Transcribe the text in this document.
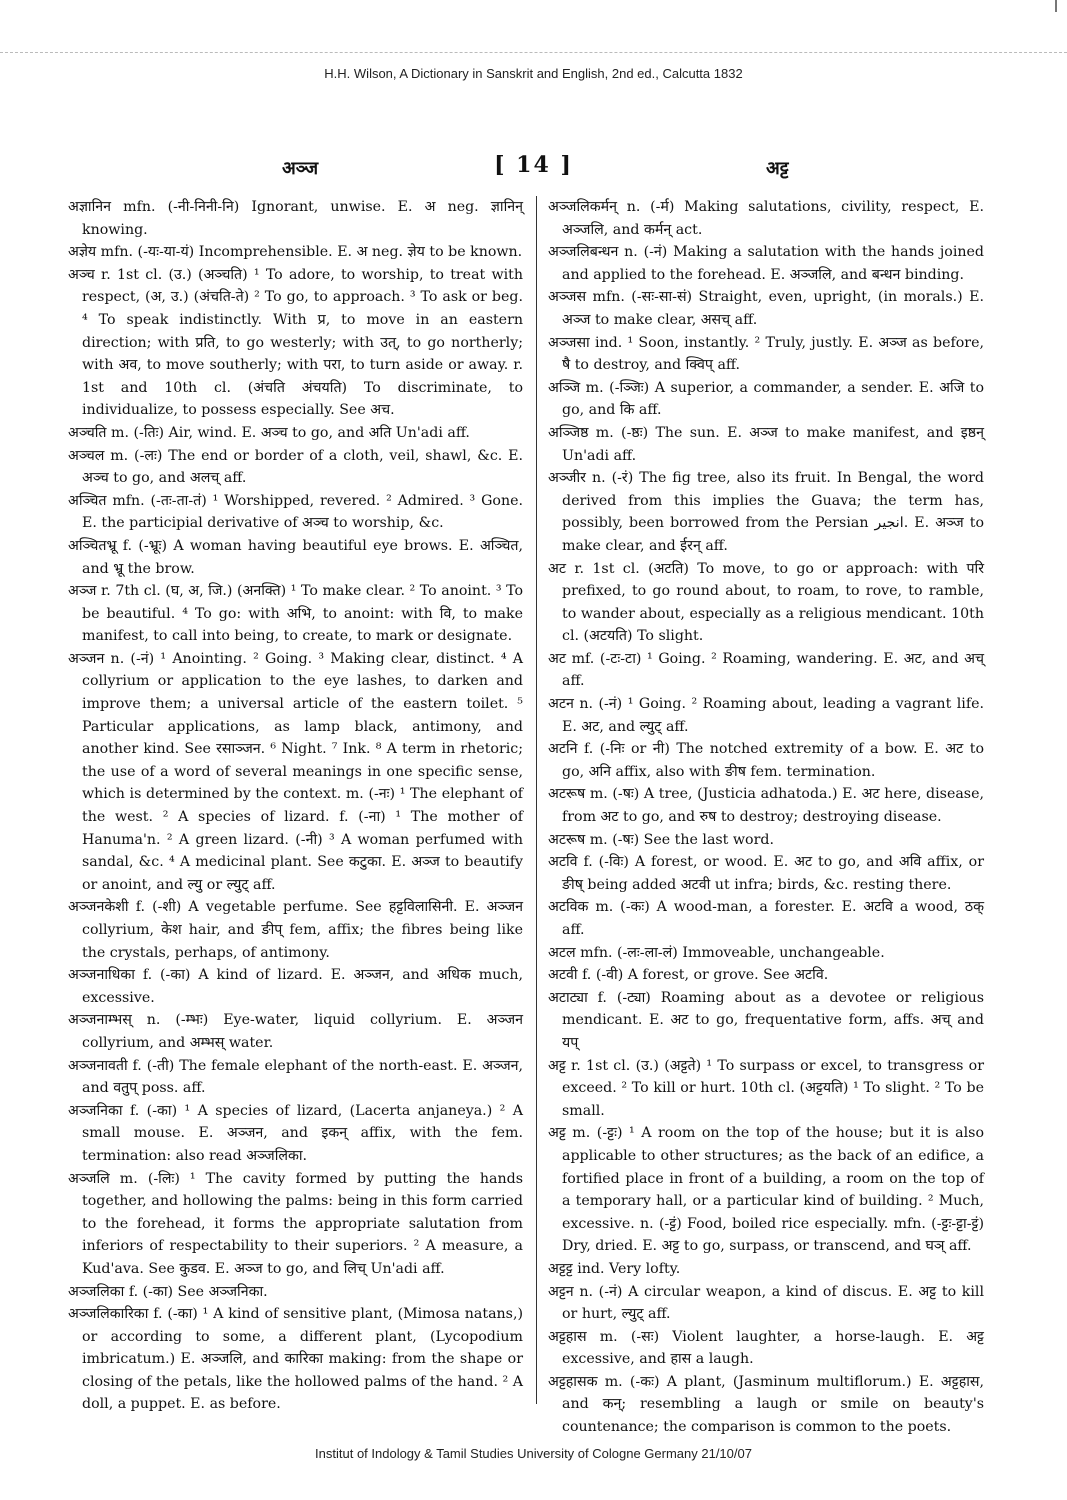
H.H. Wilson, A Dictionary in Sanskrit and English, 2nd ed., Calcutta 1832
अञ्ज	[ 14 ]	अट्ट

अज्ञानिन mfn. (-नी-निनी-नि) Ignorant, unwise. E. अ neg. ज्ञानिन् knowing.

अज्ञेय mfn. (-यः-या-यं) Incomprehensible. E. अ neg. ज्ञेय to be known.

अञ्च r. 1st cl. (उ.) (अञ्चति) ¹ To adore, to worship, to treat with respect, (अ, उ.) (अंचति-ते) ² To go, to approach. ³ To ask or beg. ⁴ To speak indistinctly. With प्र, to move in an eastern direction; with प्रति, to go westerly; with उत्, to go northerly; with अव, to move southerly; with परा, to turn aside or away. r. 1st and 10th cl. (अंचति अंचयति) To discriminate, to individualize, to possess especially. See अच.

अञ्चति m. (-तिः) Air, wind. E. अञ्च to go, and अति Un'adi aff.

अञ्चल m. (-लः) The end or border of a cloth, veil, shawl, &c. E. अञ्च to go, and अलच् aff.

अञ्चित mfn. (-तः-ता-तं) ¹ Worshipped, revered. ² Admired. ³ Gone. E. the participial derivative of अञ्च to worship, &c.

अञ्चितभ्रू f. (-भ्रूः) A woman having beautiful eye brows. E. अञ्चित, and भ्रू the brow.

अञ्ज r. 7th cl. (घ, अ, जि.) (अनक्ति) ¹ To make clear. ² To anoint. ³ To be beautiful. ⁴ To go: with अभि, to anoint: with वि, to make manifest, to call into being, to create, to mark or designate.

अञ्जन n. (-नं) ¹ Anointing. ² Going. ³ Making clear, distinct. ⁴ A collyrium or application to the eye lashes, to darken and improve them; a universal article of the eastern toilet. ⁵ Particular applications, as lamp black, antimony, and another kind. See रसाञ्जन. ⁶ Night. ⁷ Ink. ⁸ A term in rhetoric; the use of a word of several meanings in one specific sense, which is determined by the context. m. (-नः) ¹ The elephant of the west. ² A species of lizard. f. (-ना) ¹ The mother of Hanuma'n. ² A green lizard. (-नी) ³ A woman perfumed with sandal, &c. ⁴ A medicinal plant. See कटुका. E. अञ्ज to beautify or anoint, and ल्यु or ल्युट् aff.

अञ्जनकेशी f. (-शी) A vegetable perfume. See हट्टविलासिनी. E. अञ्जन collyrium, केश hair, and ङीप् fem, affix; the fibres being like the crystals, perhaps, of antimony.

अञ्जनाधिका f. (-का) A kind of lizard. E. अञ्जन, and अधिक much, excessive.

अञ्जनाम्भस् n. (-म्भः) Eye-water, liquid collyrium. E. अञ्जन collyrium, and अम्भस् water.

अञ्जनावती f. (-ती) The female elephant of the north-east. E. अञ्जन, and वतुप् poss. aff.

अञ्जनिका f. (-का) ¹ A species of lizard, (Lacerta anjaneya.) ² A small mouse. E. अञ्जन, and इकन् affix, with the fem. termination: also read अञ्जलिका.

अञ्जलि m. (-लिः) ¹ The cavity formed by putting the hands together, and hollowing the palms: being in this form carried to the forehead, it forms the appropriate salutation from inferiors of respectability to their superiors. ² A measure, a Kud'ava. See कुडव. E. अञ्ज to go, and लिच् Un'adi aff.

अञ्जलिका f. (-का) See अञ्जनिका.

अञ्जलिकारिका f. (-का) ¹ A kind of sensitive plant, (Mimosa natans,) or according to some, a different plant, (Lycopodium imbricatum.) E. अञ्जलि, and कारिका making: from the shape or closing of the petals, like the hollowed palms of the hand. ² A doll, a puppet. E. as before.

अञ्जलिकर्मन् n. (-र्म) Making salutations, civility, respect, E. अञ्जलि, and कर्मन् act.

अञ्जलिबन्धन n. (-नं) Making a salutation with the hands joined and applied to the forehead. E. अञ्जलि, and बन्धन binding.

अञ्जस mfn. (-सः-सा-सं) Straight, even, upright, (in morals.) E. अञ्ज to make clear, असच् aff.

अञ्जसा ind. ¹ Soon, instantly. ² Truly, justly. E. अञ्ज as before, षै to destroy, and क्विप् aff.

अञ्जि m. (-ञ्जिः) A superior, a commander, a sender. E. अजि to go, and कि aff.

अञ्जिष्ठ m. (-ष्ठः) The sun. E. अञ्ज to make manifest, and इष्ठन् Un'adi aff.

अञ्जीर n. (-रं) The fig tree, also its fruit. In Bengal, the word derived from this implies the Guava; the term has, possibly, been borrowed from the Persian انجیر. E. अञ्ज to make clear, and ईरन् aff.

अट r. 1st cl. (अटति) To move, to go or approach: with परि prefixed, to go round about, to roam, to rove, to ramble, to wander about, especially as a religious mendicant. 10th cl. (अटयति) To slight.

अट mf. (-टः-टा) ¹ Going. ² Roaming, wandering. E. अट, and अच् aff.

अटन n. (-नं) ¹ Going. ² Roaming about, leading a vagrant life. E. अट, and ल्युट् aff.

अटनि f. (-निः or नी) The notched extremity of a bow. E. अट to go, अनि affix, also with ङीष fem. termination.

अटरूष m. (-षः) A tree, (Justicia adhatoda.) E. अट here, disease, from अट to go, and रुष to destroy; destroying disease.

अटरूष m. (-षः) See the last word.

अटवि f. (-विः) A forest, or wood. E. अट to go, and अवि affix, or ङीष् being added अटवी ut infra; birds, &c. resting there.

अटविक m. (-कः) A wood-man, a forester. E. अटवि a wood, ठक् aff.

अटल mfn. (-लः-ला-लं) Immoveable, unchangeable.

अटवी f. (-वी) A forest, or grove. See अटवि.

अटाट्या f. (-ट्या) Roaming about as a devotee or religious mendicant. E. अट to go, frequentative form, affs. अच् and यप्

अट्ट r. 1st cl. (उ.) (अट्टते) ¹ To surpass or excel, to transgress or exceed. ² To kill or hurt. 10th cl. (अट्टयति) ¹ To slight. ² To be small.

अट्ट m. (-ट्टः) ¹ A room on the top of the house; but it is also applicable to other structures; as the back of an edifice, a fortified place in front of a building, a room on the top of a temporary hall, or a particular kind of building. ² Much, excessive. n. (-ट्टं) Food, boiled rice especially. mfn. (-ट्टः-ट्टा-ट्टं) Dry, dried. E. अट्ट to go, surpass, or transcend, and घञ् aff.

अट्टट्ट ind. Very lofty.

अट्टन n. (-नं) A circular weapon, a kind of discus. E. अट्ट to kill or hurt, ल्युट् aff.

अट्टहास m. (-सः) Violent laughter, a horse-laugh. E. अट्ट excessive, and हास a laugh.

अट्टहासक m. (-कः) A plant, (Jasminum multiflorum.) E. अट्टहास, and कन्; resembling a laugh or smile on beauty's countenance; the comparison is common to the poets.

Institut of Indology & Tamil Studies University of Cologne Germany 21/10/07
